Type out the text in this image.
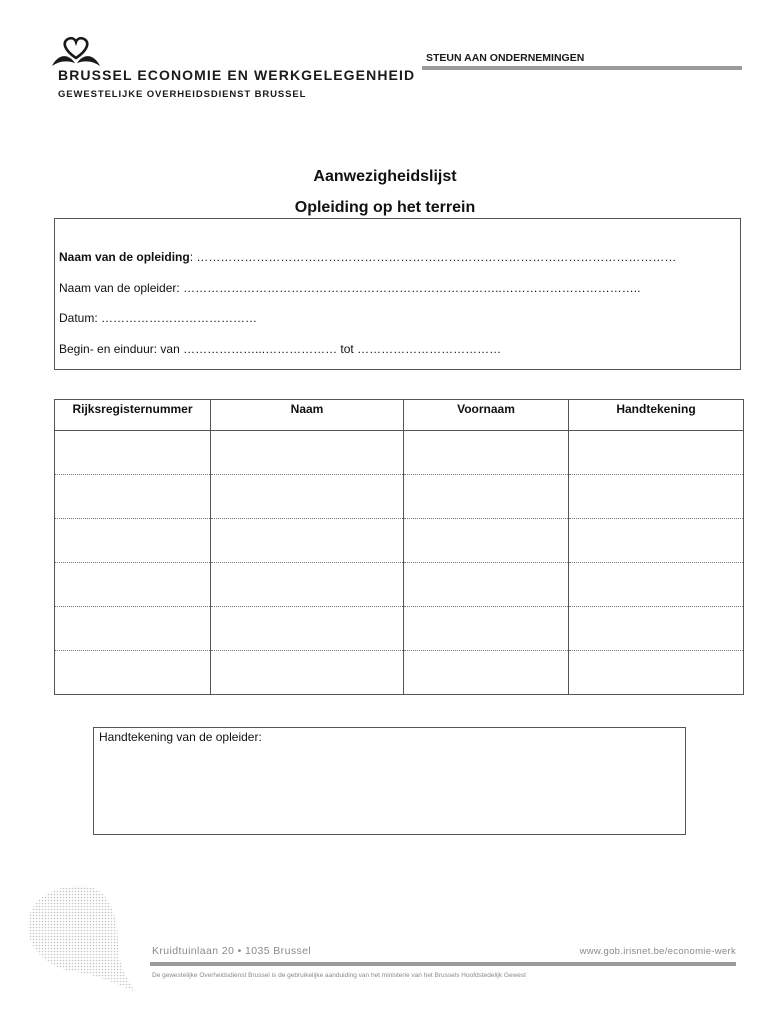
BRUSSEL ECONOMIE EN WERKGELEGENHEID
GEWESTELIJKE OVERHEIDSDIENST BRUSSEL
STEUN AAN ONDERNEMINGEN
Aanwezigheidslijst
Opleiding op het terrein
Naam van de opleiding: …………………………………………………………………………………………………………
Naam van de opleider: ……………………………………………………………………..……………………………..
Datum: …………………………………
Begin- en einduur: van ………………...……………… tot ………………………………
Rijksregisternummer	Naam	Voornaam	Handtekening

Handtekening van de opleider:
Kruidtuinlaan 20 • 1035 Brussel	www.gob.irisnet.be/economie-werk
De gewestelijke Overheidsdienst Brussel is de gebruikelijke aanduiding van het ministerie van het Brussels Hoofdstedelijk Gewest
